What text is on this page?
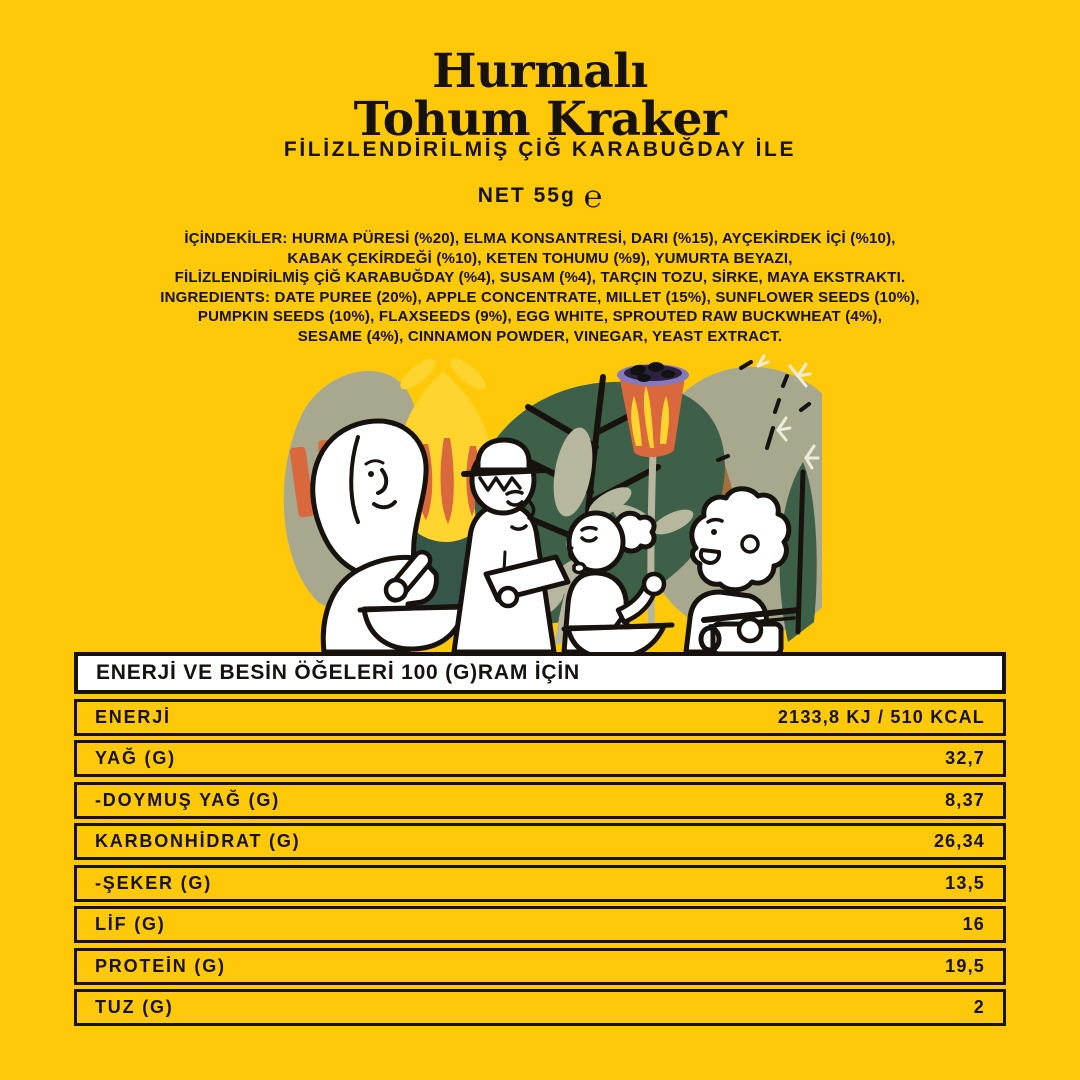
Hurmalı
Tohum Kraker
FİLİZLENDİRİLMİŞ ÇİĞ KARABUĞDAY İLE
NET 55g ℮
İÇİNDEKİLER: HURMA PÜRESİ (%20), ELMA KONSANTRESİ, DARI (%15), AYÇEKİRDEK İÇİ (%10),
KABAK ÇEKİRDEĞİ (%10), KETEN TOHUMU (%9), YUMURTA BEYAZI,
FİLİZLENDİRİLMİŞ ÇİĞ KARABUĞDAY (%4), SUSAM (%4), TARÇIN TOZU, SİRKE, MAYA EKSTRAKTI.
INGREDIENTS: DATE PUREE (20%), APPLE CONCENTRATE, MILLET (15%), SUNFLOWER SEEDS (10%),
PUMPKIN SEEDS (10%), FLAXSEEDS (9%), EGG WHITE, SPROUTED RAW BUCKWHEAT (4%),
SESAME (4%), CINNAMON POWDER, VINEGAR, YEAST EXTRACT.
ENERJİ VE BESİN ÖĞELERİ 100 (G)RAM İÇİN
ENERJİ	2133,8 KJ / 510 KCAL
YAĞ (G)	32,7
-DOYMUŞ YAĞ (G)	8,37
KARBONHİDRAT (G)	26,34
-ŞEKER (G)	13,5
LİF (G)	16
PROTEİN (G)	19,5
TUZ (G)	2
